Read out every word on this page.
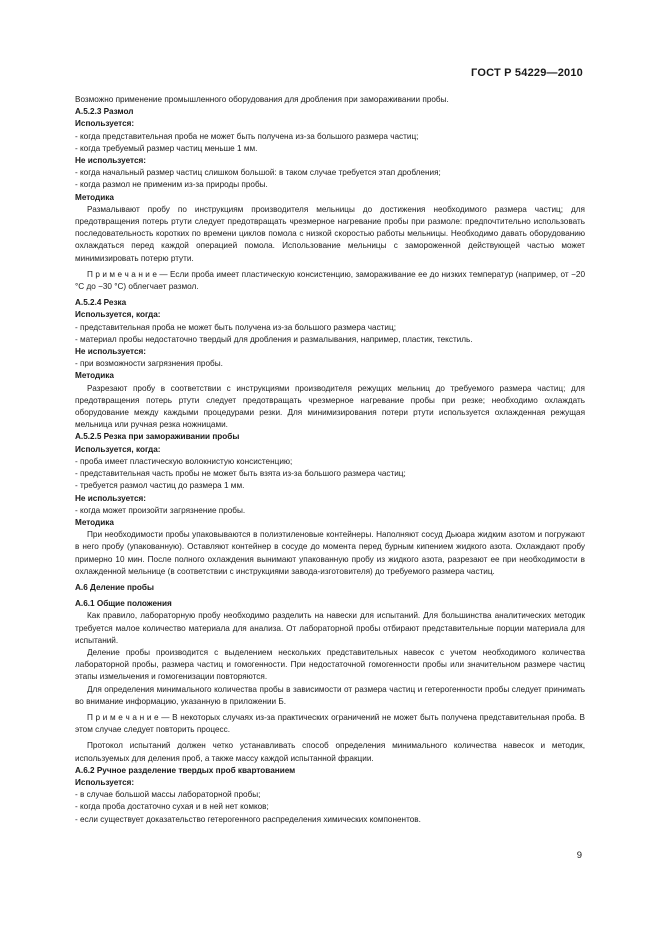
ГОСТ Р 54229—2010

Возможно применение промышленного оборудования для дробления при замораживании пробы.

А.5.2.3 Размол

Используется:

- когда представительная проба не может быть получена из-за большого размера частиц;

- когда требуемый размер частиц меньше 1 мм.

Не используется:

- когда начальный размер частиц слишком большой: в таком случае требуется этап дробления;

- когда размол не применим из-за природы пробы.

Методика

Размалывают пробу по инструкциям производителя мельницы до достижения необходимого размера частиц; для предотвращения потерь ртути следует предотвращать чрезмерное нагревание пробы при размоле: предпочтительно использовать последовательность коротких по времени циклов помола с низкой скоростью работы мельницы. Необходимо давать оборудованию охлаждаться перед каждой операцией помола. Использование мельницы с замороженной действующей частью может минимизировать потерю ртути.

П р и м е ч а н и е — Если проба имеет пластическую консистенцию, замораживание ее до низких температур (например, от −20 °С до −30 °С) облегчает размол.

А.5.2.4 Резка

Используется, когда:

- представительная проба не может быть получена из-за большого размера частиц;

- материал пробы недостаточно твердый для дробления и размалывания, например, пластик, текстиль.

Не используется:

- при возможности загрязнения пробы.

Методика

Разрезают пробу в соответствии с инструкциями производителя режущих мельниц до требуемого размера частиц; для предотвращения потерь ртути следует предотвращать чрезмерное нагревание пробы при резке; необходимо охлаждать оборудование между каждыми процедурами резки. Для минимизирования потери ртути используется охлажденная режущая мельница или ручная резка ножницами.

А.5.2.5 Резка при замораживании пробы

Используется, когда:

- проба имеет пластическую волокнистую консистенцию;

- представительная часть пробы не может быть взята из-за большого размера частиц;

- требуется размол частиц до размера 1 мм.

Не используется:

- когда может произойти загрязнение пробы.

Методика

При необходимости пробы упаковываются в полиэтиленовые контейнеры. Наполняют сосуд Дьюара жидким азотом и погружают в него пробу (упакованную). Оставляют контейнер в сосуде до момента перед бурным кипением жидкого азота. Охлаждают пробу примерно 10 мин. После полного охлаждения вынимают упакованную пробу из жидкого азота, разрезают ее при необходимости в охлажденной мельнице (в соответствии с инструкциями завода-изготовителя) до требуемого размера частиц.

А.6 Деление пробы

А.6.1 Общие положения

Как правило, лабораторную пробу необходимо разделить на навески для испытаний. Для большинства аналитических методик требуется малое количество материала для анализа. От лабораторной пробы отбирают представительные порции материала для испытаний.

Деление пробы производится с выделением нескольких представительных навесок с учетом необходимого количества лабораторной пробы, размера частиц и гомогенности. При недостаточной гомогенности пробы или значительном размере частиц этапы измельчения и гомогенизации повторяются.

Для определения минимального количества пробы в зависимости от размера частиц и гетерогенности пробы следует принимать во внимание информацию, указанную в приложении Б.

П р и м е ч а н и е — В некоторых случаях из-за практических ограничений не может быть получена представительная проба. В этом случае следует повторить процесс.

Протокол испытаний должен четко устанавливать способ определения минимального количества навесок и методик, используемых для деления проб, а также массу каждой испытанной фракции.

А.6.2 Ручное разделение твердых проб квартованием

Используется:

- в случае большой массы лабораторной пробы;

- когда проба достаточно сухая и в ней нет комков;

- если существует доказательство гетерогенного распределения химических компонентов.

9
